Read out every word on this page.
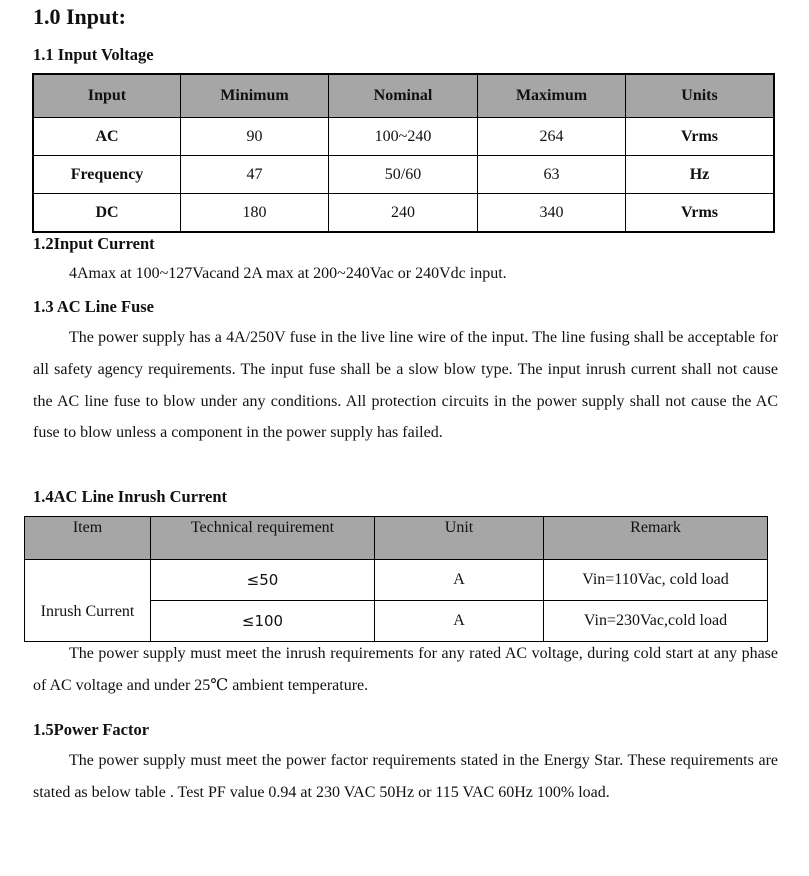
1.0 Input:
1.1 Input Voltage
Input	Minimum	Nominal	Maximum	Units
AC	90	100~240	264	Vrms
Frequency	47	50/60	63	Hz
DC	180	240	340	Vrms
1.2Input Current
4Amax at 100~127Vacand 2A max at 200~240Vac or 240Vdc input.
1.3 AC Line Fuse

The power supply has a 4A/250V fuse in the live line wire of the input. The line fusing shall be acceptable for all safety agency requirements. The input fuse shall be a slow blow type. The input inrush current shall not cause the AC line fuse to blow under any conditions. All protection circuits in the power supply shall not cause the AC fuse to blow unless a component in the power supply has failed.

1.4AC Line Inrush Current
Item	Technical requirement	Unit	Remark
Inrush Current	≤50	A	Vin=110Vac, cold load
	≤100	A	Vin=230Vac,cold load

The power supply must meet the inrush requirements for any rated AC voltage, during cold start at any phase of AC voltage and under 25℃ ambient temperature.

1.5Power Factor

The power supply must meet the power factor requirements stated in the Energy Star. These requirements are stated as below table . Test PF value 0.94 at 230 VAC 50Hz or 115 VAC 60Hz 100% load.
